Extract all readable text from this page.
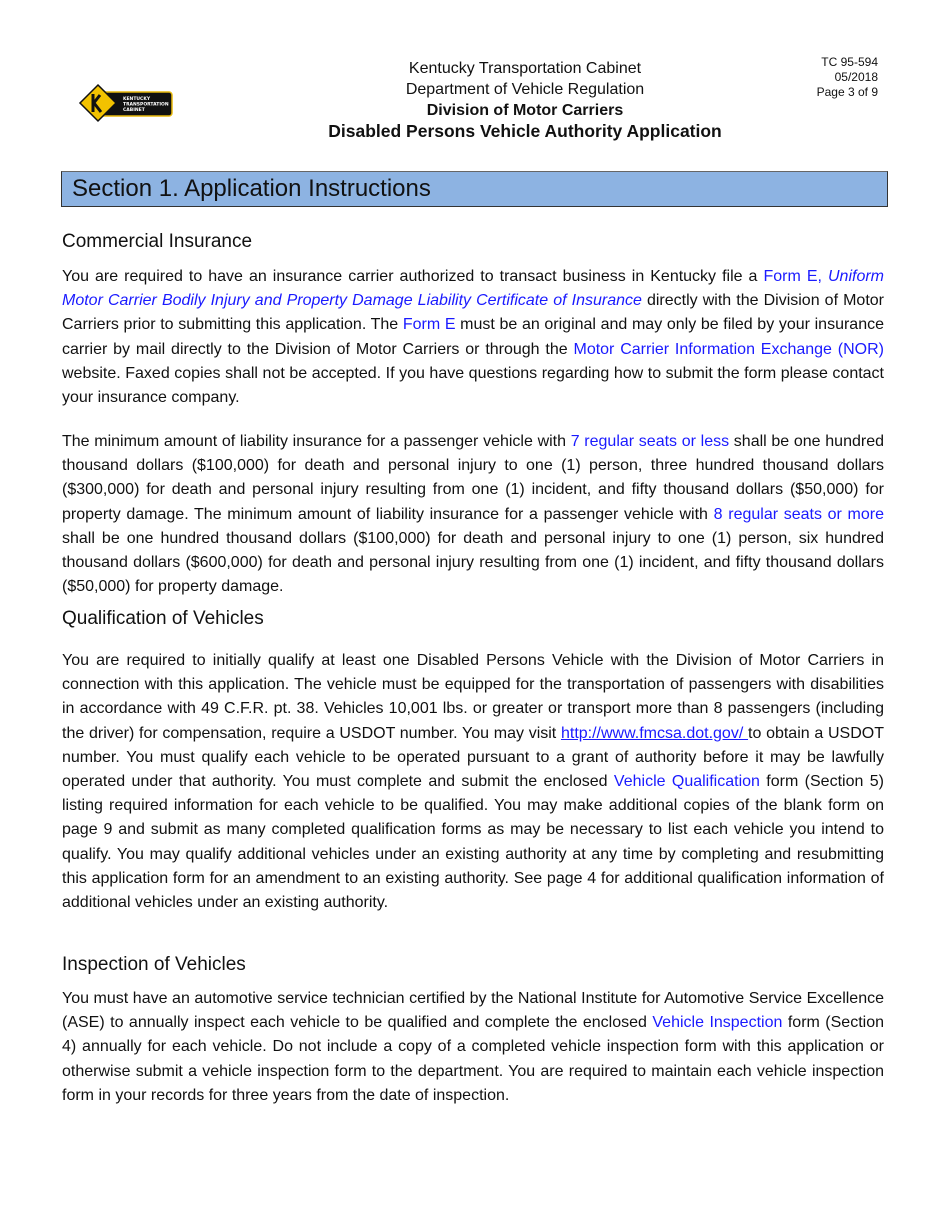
KENTUCKY
TRANSPORTATION
CABINET
Kentucky Transportation Cabinet
Department of Vehicle Regulation
Division of Motor Carriers
Disabled Persons Vehicle Authority Application
TC 95-594
05/2018
Page 3 of 9
Section 1. Application Instructions
Commercial Insurance

You are required to have an insurance carrier authorized to transact business in Kentucky file a Form E, Uniform Motor Carrier Bodily Injury and Property Damage Liability Certificate of Insurance directly with the Division of Motor Carriers prior to submitting this application. The Form E must be an original and may only be filed by your insurance carrier by mail directly to the Division of Motor Carriers or through the Motor Carrier Information Exchange (NOR) website. Faxed copies shall not be accepted. If you have questions regarding how to submit the form please contact your insurance company.

The minimum amount of liability insurance for a passenger vehicle with 7 regular seats or less shall be one hundred thousand dollars ($100,000) for death and personal injury to one (1) person, three hundred thousand dollars ($300,000) for death and personal injury resulting from one (1) incident, and fifty thousand dollars ($50,000) for property damage. The minimum amount of liability insurance for a passenger vehicle with 8 regular seats or more shall be one hundred thousand dollars ($100,000) for death and personal injury to one (1) person, six hundred thousand dollars ($600,000) for death and personal injury resulting from one (1) incident, and fifty thousand dollars ($50,000) for property damage.

Qualification of Vehicles

You are required to initially qualify at least one Disabled Persons Vehicle with the Division of Motor Carriers in connection with this application. The vehicle must be equipped for the transportation of passengers with disabilities in accordance with 49 C.F.R. pt. 38. Vehicles 10,001 lbs. or greater or transport more than 8 passengers (including the driver) for compensation, require a USDOT number. You may visit http://www.fmcsa.dot.gov/ to obtain a USDOT number. You must qualify each vehicle to be operated pursuant to a grant of authority before it may be lawfully operated under that authority. You must complete and submit the enclosed Vehicle Qualification form (Section 5) listing required information for each vehicle to be qualified. You may make additional copies of the blank form on page 9 and submit as many completed qualification forms as may be necessary to list each vehicle you intend to qualify. You may qualify additional vehicles under an existing authority at any time by completing and resubmitting this application form for an amendment to an existing authority. See page 4 for additional qualification information of additional vehicles under an existing authority.

Inspection of Vehicles

You must have an automotive service technician certified by the National Institute for Automotive Service Excellence (ASE) to annually inspect each vehicle to be qualified and complete the enclosed Vehicle Inspection form (Section 4) annually for each vehicle. Do not include a copy of a completed vehicle inspection form with this application or otherwise submit a vehicle inspection form to the department. You are required to maintain each vehicle inspection form in your records for three years from the date of inspection.
